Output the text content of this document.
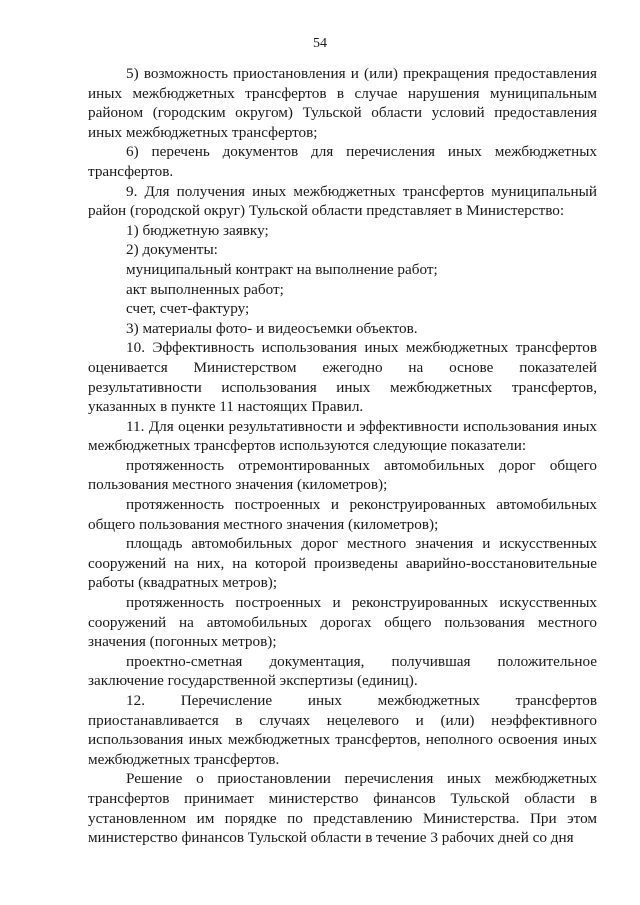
54

5) возможность приостановления и (или) прекращения предоставления иных межбюджетных трансфертов в случае нарушения муниципальным районом (городским округом) Тульской области условий предоставления иных межбюджетных трансфертов;

6) перечень документов для перечисления иных межбюджетных трансфертов.

9. Для получения иных межбюджетных трансфертов муниципальный район (городской округ) Тульской области представляет в Министерство:

1) бюджетную заявку;

2) документы:

муниципальный контракт на выполнение работ;

акт выполненных работ;

счет, счет-фактуру;

3) материалы фото- и видеосъемки объектов.

10. Эффективность использования иных межбюджетных трансфертов оценивается Министерством ежегодно на основе показателей результативности использования иных межбюджетных трансфертов, указанных в пункте 11 настоящих Правил.

11. Для оценки результативности и эффективности использования иных межбюджетных трансфертов используются следующие показатели:

протяженность отремонтированных автомобильных дорог общего пользования местного значения (километров);

протяженность построенных и реконструированных автомобильных общего пользования местного значения (километров);

площадь автомобильных дорог местного значения и искусственных сооружений на них, на которой произведены аварийно-восстановительные работы (квадратных метров);

протяженность построенных и реконструированных искусственных сооружений на автомобильных дорогах общего пользования местного значения (погонных метров);

проектно-сметная документация, получившая положительное заключение государственной экспертизы (единиц).

12. Перечисление иных межбюджетных трансфертов приостанавливается в случаях нецелевого и (или) неэффективного использования иных межбюджетных трансфертов, неполного освоения иных межбюджетных трансфертов.

Решение о приостановлении перечисления иных межбюджетных трансфертов принимает министерство финансов Тульской области в установленном им порядке по представлению Министерства. При этом министерство финансов Тульской области в течение 3 рабочих дней со дня
